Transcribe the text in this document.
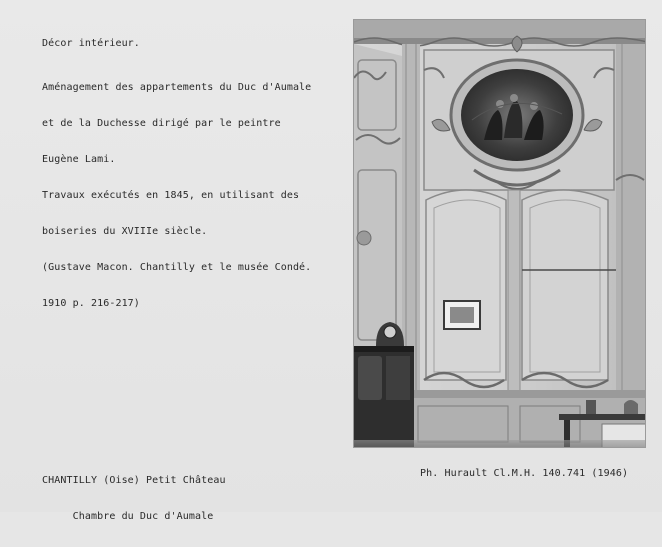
Décor intérieur.

Aménagement des appartements du Duc d'Aumale

et de la Duchesse dirigé par le peintre

Eugène Lami.

Travaux exécutés en 1845, en utilisant des

boiseries du XVIIIe siècle.

(Gustave Macon. Chantilly et le musée Condé.

1910 p. 216-217)

CHANTILLY (Oise) Petit Château

Chambre du Duc d'Aumale

Ph. Hurault Cl.M.H. 140.741 (1946)
